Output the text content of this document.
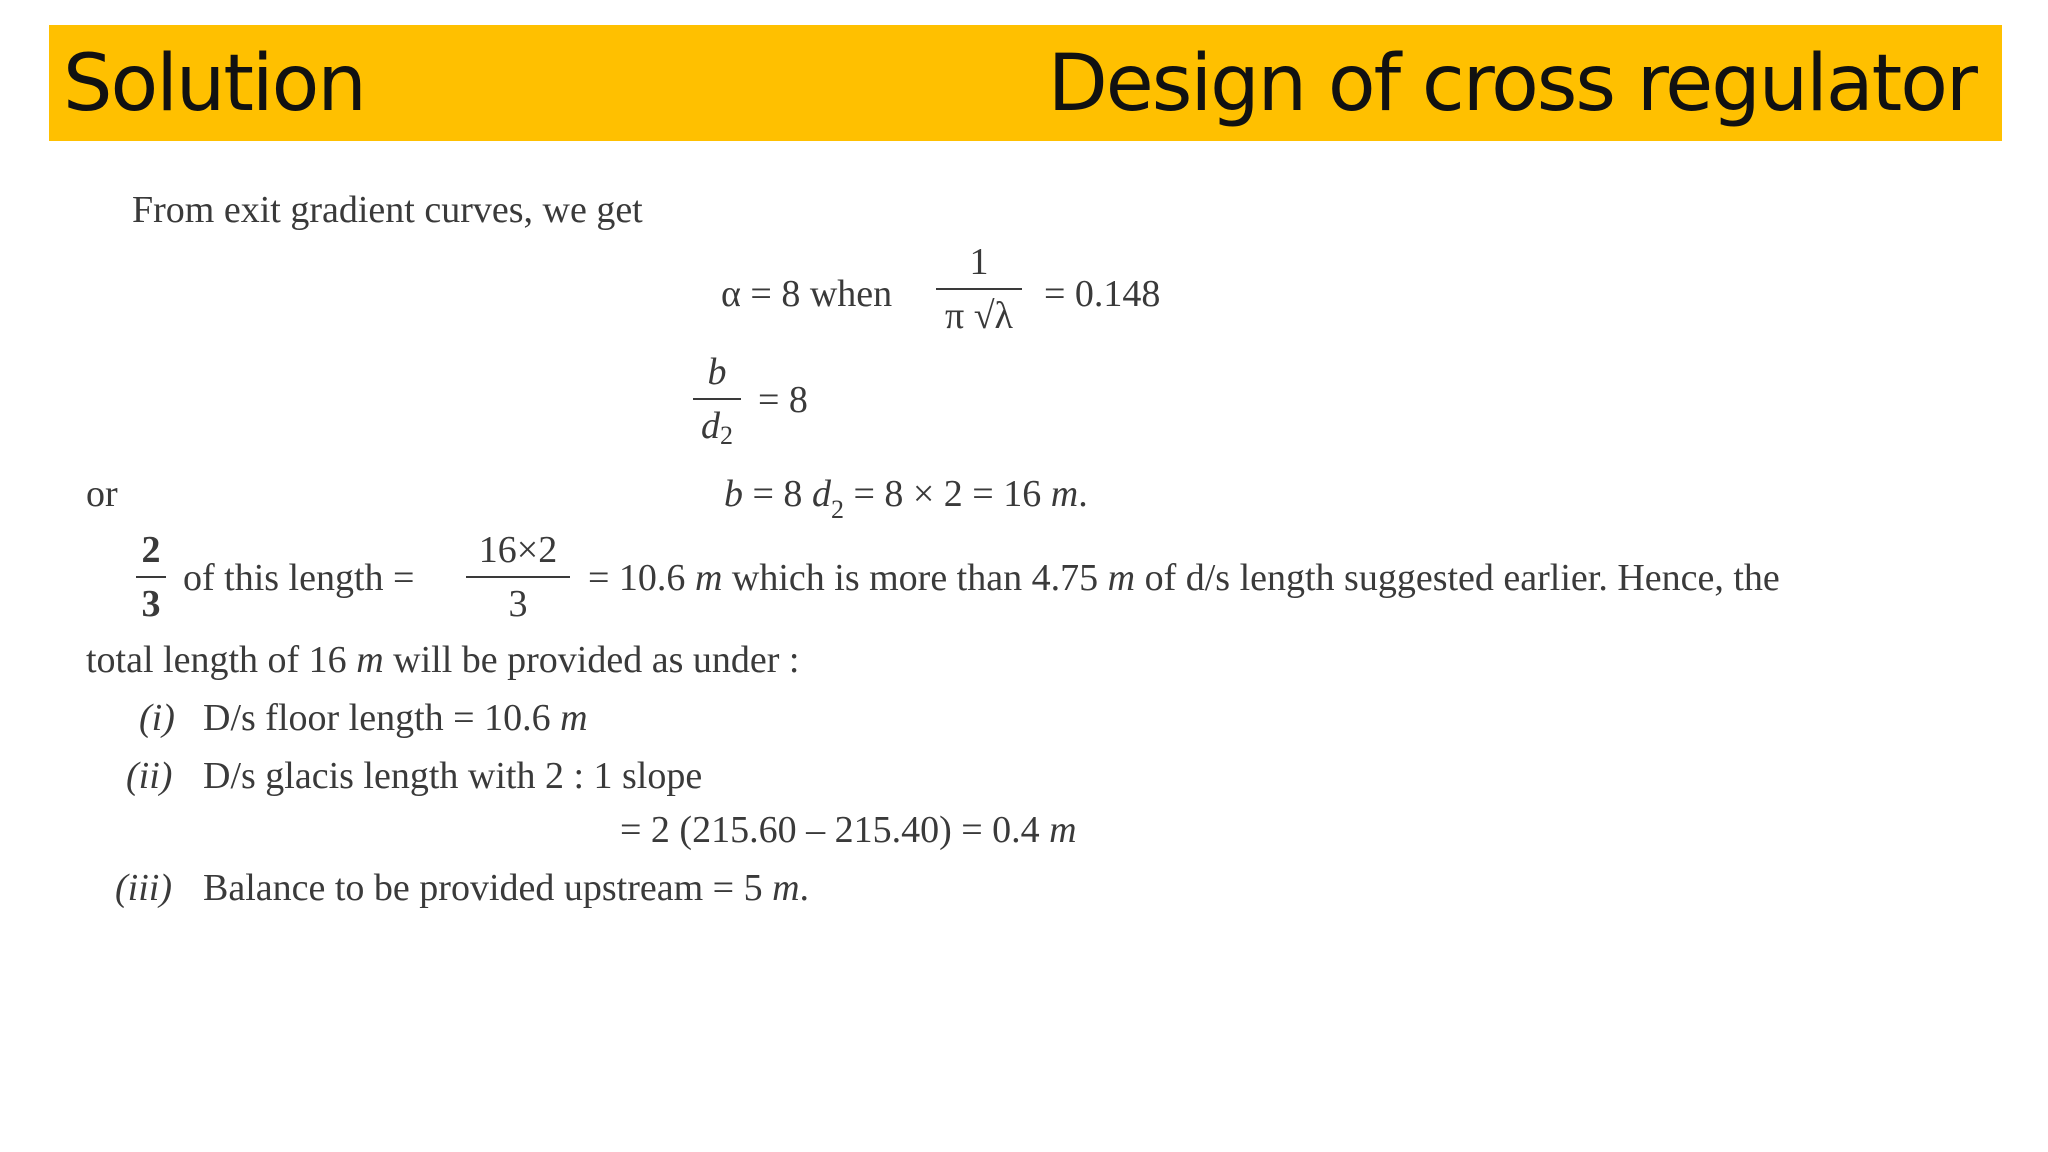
Solution	Design of cross regulator
From exit gradient curves, we get
α = 8 when
1
π √λ
= 0.148
b
d2
= 8
or	b = 8 $d_2 = 8 \times 2 = 16$ m.
2
3
of this length =
16×2
3
= 10.6 m which is more than 4.75 m of d/s length suggested earlier. Hence, the
total length of 16 m will be provided as under :
(i) D/s floor length = 10.6 m
(ii) D/s glacis length with 2 : 1 slope
= 2 (215.60 – 215.40) = 0.4 m
(iii) Balance to be provided upstream = 5 m.
